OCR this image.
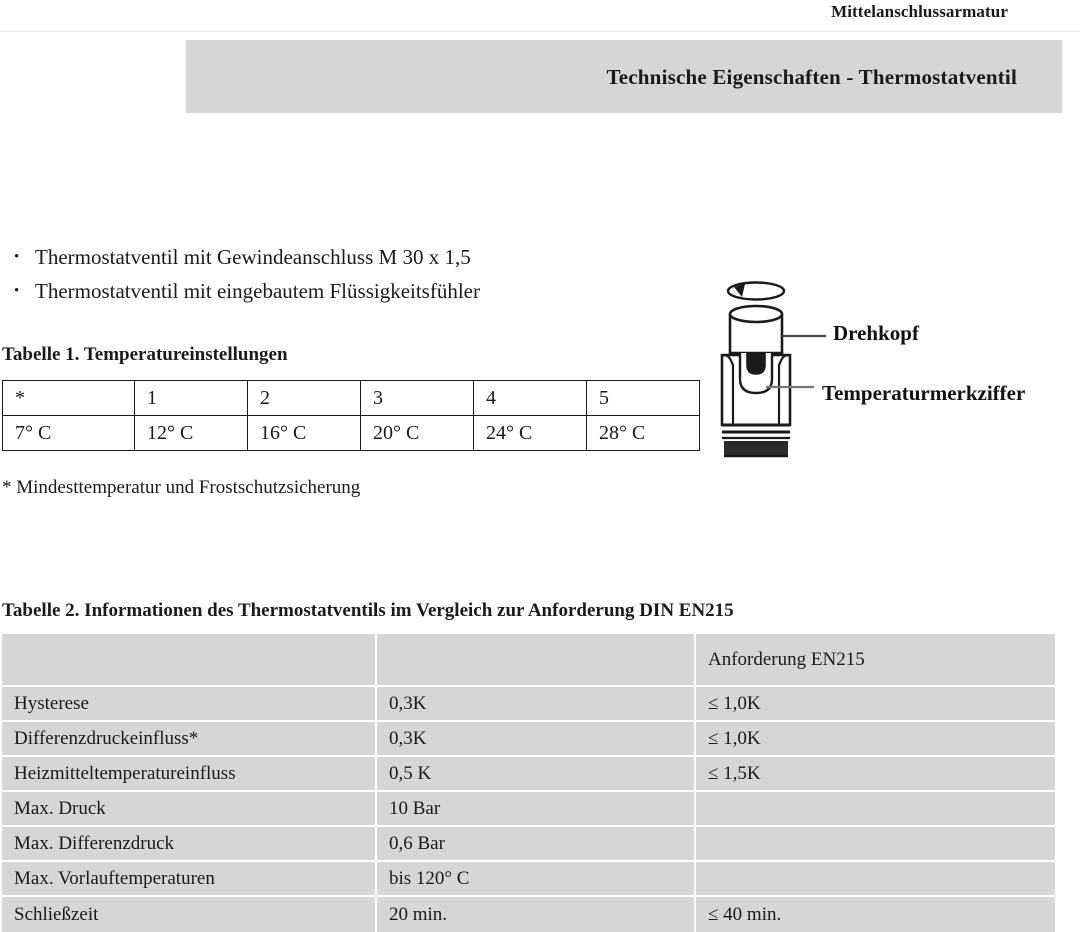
Mittelanschlussarmatur
Technische Eigenschaften - Thermostatventil
• Thermostatventil mit Gewindeanschluss M 30 x 1,5
• Thermostatventil mit eingebautem Flüssigkeitsfühler
Tabelle 1. Temperatureinstellungen
*	1	2	3	4	5
7° C	12° C	16° C	20° C	24° C	28° C
* Mindesttemperatur und Frostschutzsicherung
Drehkopf
Temperaturmerkziffer
Tabelle 2. Informationen des Thermostatventils im Vergleich zur Anforderung DIN EN215
		Anforderung EN215
Hysterese	0,3K	≤ 1,0K
Differenzdruckeinfluss*	0,3K	≤ 1,0K
Heizmitteltemperatureinfluss	0,5 K	≤ 1,5K
Max. Druck	10 Bar	
Max. Differenzdruck	0,6 Bar	
Max. Vorlauftemperaturen	bis 120° C	
Schließzeit	20 min.	≤ 40 min.
